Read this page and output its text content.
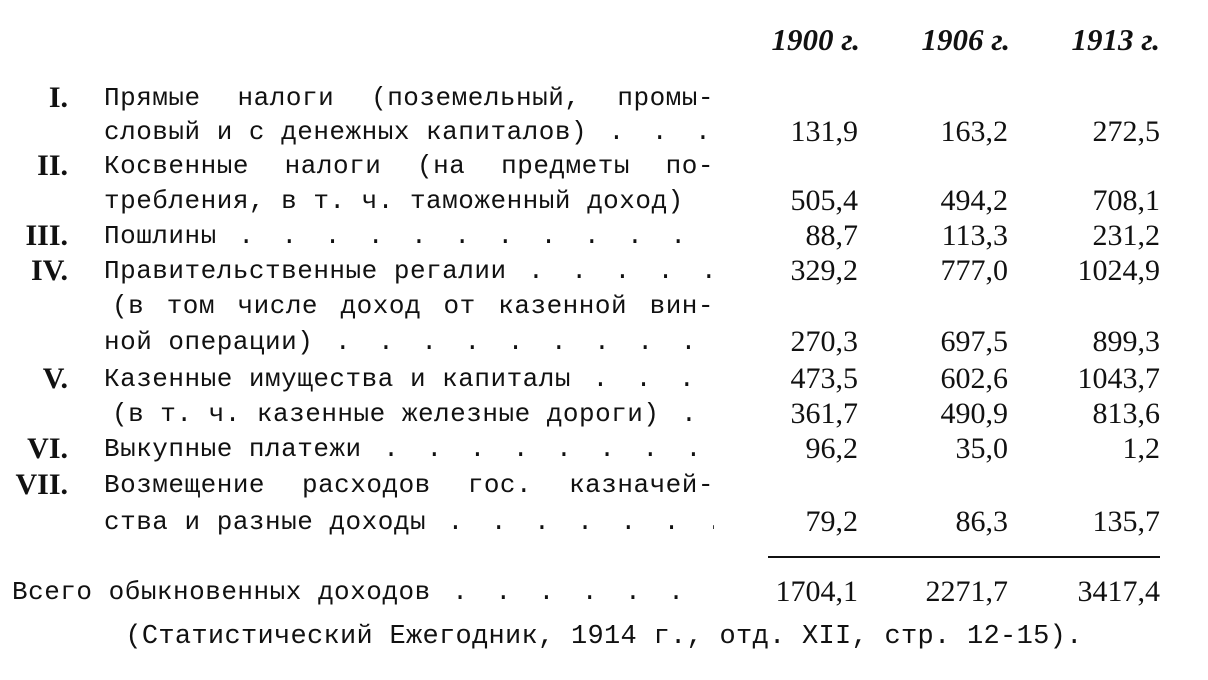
1900 г.	1906 г.	1913 г.
I. Прямые налоги (поземельный, промы-
словый и с денежных капиталов) . . .	131,9	163,2	272,5
II. Косвенные налоги (на предметы по-
требления, в т. ч. таможенный доход)	505,4	494,2	708,1
III. Пошлины . . .	88,7	113,3	231,2
IV. Правительственные регалии . . .	329,2	777,0	1024,9
(в том числе доход от казенной вин-
ной операции) . . .	270,3	697,5	899,3
V. Казенные имущества и капиталы . . .	473,5	602,6	1043,7
(в т. ч. казенные железные дороги) . . .	361,7	490,9	813,6
VI. Выкупные платежи . . .	96,2	35,0	1,2
VII. Возмещение расходов гос. казначей-
ства и разные доходы . . .	79,2	86,3	135,7
Всего обыкновенных доходов . . .	1704,1	2271,7	3417,4
(Статистический Ежегодник, 1914 г., отд. XII, стр. 12-15).
